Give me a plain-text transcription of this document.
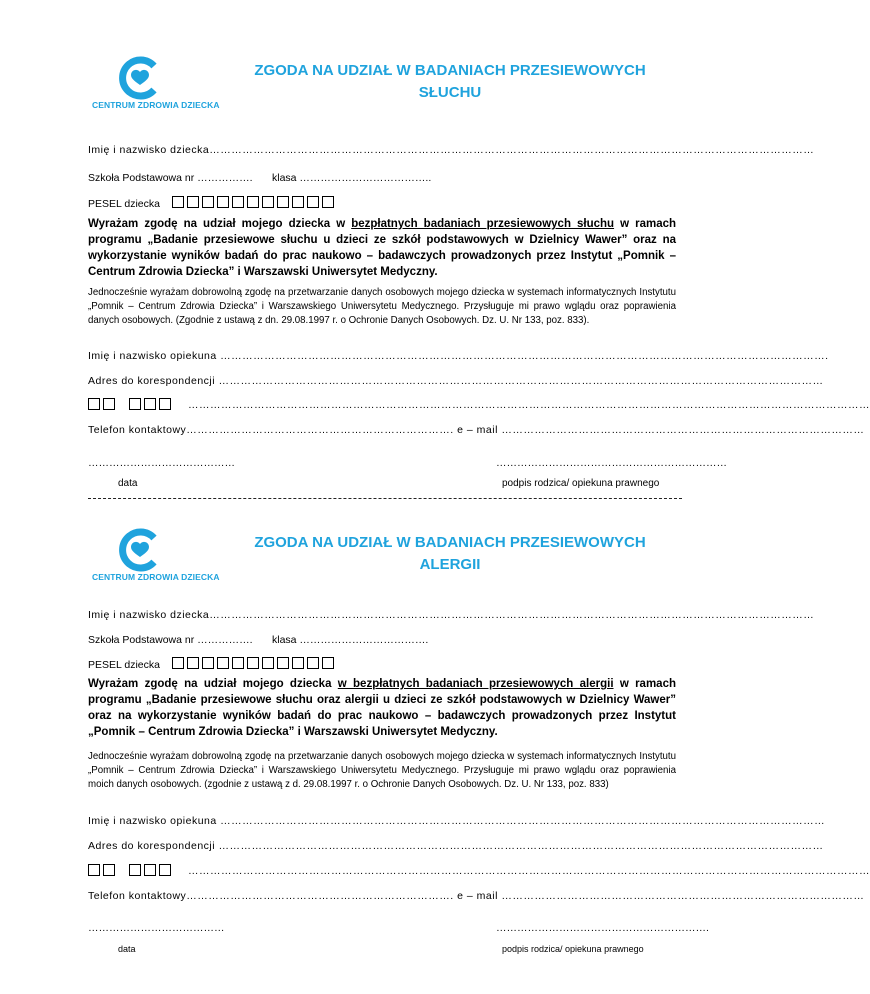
CENTRUM ZDROWIA DZIECKA
ZGODA NA UDZIAŁ W BADANIACH PRZESIEWOWYCH
SŁUCHU
Imię i nazwisko dziecka…………………………………………………………………………………………………………………………………………………
Szkoła Podstawowa nr ……………. klasa ………………………………..
PESEL dziecka
Wyrażam zgodę na udział mojego dziecka w bezpłatnych badaniach przesiewowych słuchu w ramach programu „Badanie przesiewowe słuchu u dzieci ze szkół podstawowych w Dzielnicy Wawer” oraz na wykorzystanie wyników badań do prac naukowo – badawczych prowadzonych przez Instytut „Pomnik – Centrum Zdrowia Dziecka” i Warszawski Uniwersytet Medyczny.
Jednocześnie wyrażam dobrowolną zgodę na przetwarzanie danych osobowych mojego dziecka w systemach informatycznych Instytutu „Pomnik – Centrum Zdrowia Dziecka” i Warszawskiego Uniwersytetu Medycznego. Przysługuje mi prawo wglądu oraz poprawienia danych osobowych. (Zgodnie z ustawą z dn. 29.08.1997 r. o Ochronie Danych Osobowych. Dz. U. Nr 133, poz. 833).
Imię i nazwisko opiekuna ………………………………………………………………………………………………………………………………………………….
Adres do korespondencji …………………………………………………………………………………………………………………………………………………
……………………………………………………………………………………………………………………………………………………………………
Telefon kontaktowy………………………………………………………………. e – mail ………………………………………………………………………………………
……………………………………	…………………………………………………………
data	podpis rodzica/ opiekuna prawnego
CENTRUM ZDROWIA DZIECKA
ZGODA NA UDZIAŁ W BADANIACH PRZESIEWOWYCH
ALERGII
Imię i nazwisko dziecka…………………………………………………………………………………………………………………………………………………
Szkoła Podstawowa nr ……………. klasa ……………………………….
PESEL dziecka
Wyrażam zgodę na udział mojego dziecka w bezpłatnych badaniach przesiewowych alergii w ramach programu „Badanie przesiewowe słuchu oraz alergii u dzieci ze szkół podstawowych w Dzielnicy Wawer” oraz na wykorzystanie wyników badań do prac naukowo – badawczych prowadzonych przez Instytut „Pomnik – Centrum Zdrowia Dziecka” i Warszawski Uniwersytet Medyczny.
Jednocześnie wyrażam dobrowolną zgodę na przetwarzanie danych osobowych mojego dziecka w systemach informatycznych Instytutu „Pomnik – Centrum Zdrowia Dziecka” i Warszawskiego Uniwersytetu Medycznego. Przysługuje mi prawo wglądu oraz poprawienia moich danych osobowych. (zgodnie z ustawą z d. 29.08.1997 r. o Ochronie Danych Osobowych. Dz. U. Nr 133, poz. 833)
Imię i nazwisko opiekuna …………………………………………………………………………………………………………………………………………………
Adres do korespondencji …………………………………………………………………………………………………………………………………………………
……………………………………………………………………………………………………………………………………………………………………
Telefon kontaktowy………………………………………………………………. e – mail ………………………………………………………………………………………
…………………………………	…………………………………………………….
data	podpis rodzica/ opiekuna prawnego
